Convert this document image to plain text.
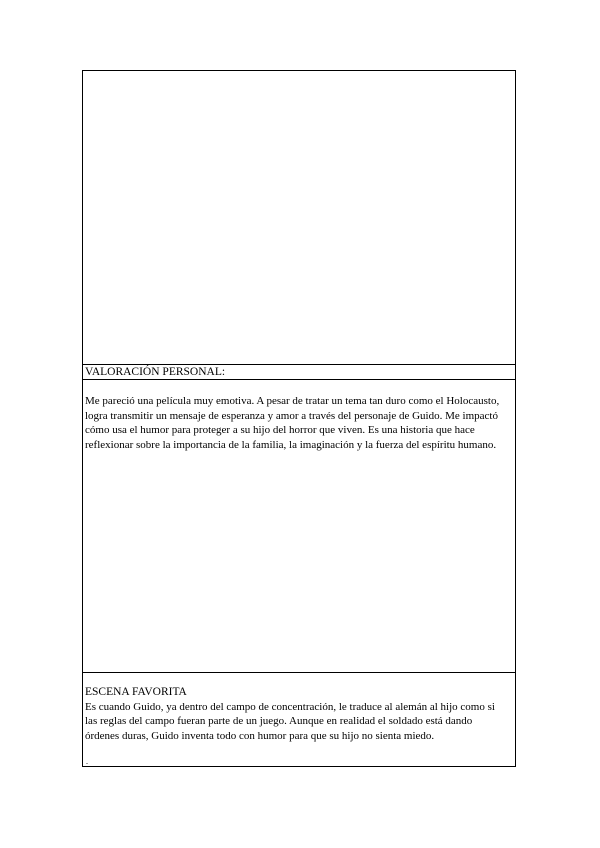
VALORACIÓN PERSONAL:
Me pareció una película muy emotiva. A pesar de tratar un tema tan duro como el Holocausto, logra transmitir un mensaje de esperanza y amor a través del personaje de Guido. Me impactó cómo usa el humor para proteger a su hijo del horror que viven. Es una historia que hace reflexionar sobre la importancia de la familia, la imaginación y la fuerza del espíritu humano.
ESCENA FAVORITA
Es cuando Guido, ya dentro del campo de concentración, le traduce al alemán al hijo como si las reglas del campo fueran parte de un juego. Aunque en realidad el soldado está dando órdenes duras, Guido inventa todo con humor para que su hijo no sienta miedo.
.
